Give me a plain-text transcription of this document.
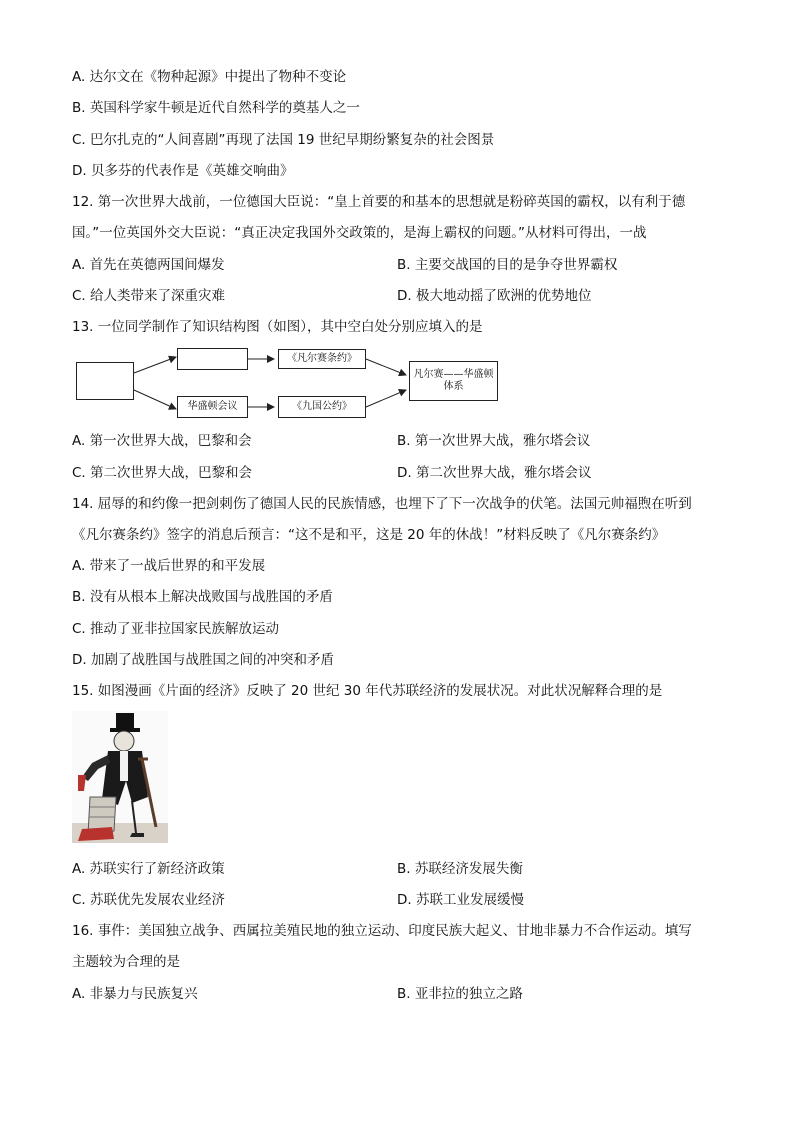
A. 达尔文在《物种起源》中提出了物种不变论
B. 英国科学家牛顿是近代自然科学的奠基人之一
C. 巴尔扎克的“人间喜剧”再现了法国 19 世纪早期纷繁复杂的社会图景
D. 贝多芬的代表作是《英雄交响曲》
12. 第一次世界大战前，一位德国大臣说：“皇上首要的和基本的思想就是粉碎英国的霸权，以有利于德
国。”一位英国外交大臣说：“真正决定我国外交政策的，是海上霸权的问题。”从材料可得出，一战
A. 首先在英德两国间爆发	B. 主要交战国的目的是争夺世界霸权
C. 给人类带来了深重灾难	D. 极大地动摇了欧洲的优势地位
13. 一位同学制作了知识结构图（如图），其中空白处分别应填入的是
《凡尔赛条约》
华盛顿会议	《九国公约》
凡尔赛——华盛顿
体系
A. 第一次世界大战，巴黎和会	B. 第一次世界大战，雅尔塔会议
C. 第二次世界大战，巴黎和会	D. 第二次世界大战，雅尔塔会议
14. 屈辱的和约像一把剑刺伤了德国人民的民族情感，也埋下了下一次战争的伏笔。法国元帅福煦在听到
《凡尔赛条约》签字的消息后预言：“这不是和平，这是 20 年的休战！”材料反映了《凡尔赛条约》
A. 带来了一战后世界的和平发展
B. 没有从根本上解决战败国与战胜国的矛盾
C. 推动了亚非拉国家民族解放运动
D. 加剧了战胜国与战胜国之间的冲突和矛盾
15. 如图漫画《片面的经济》反映了 20 世纪 30 年代苏联经济的发展状况。对此状况解释合理的是
A. 苏联实行了新经济政策	B. 苏联经济发展失衡
C. 苏联优先发展农业经济	D. 苏联工业发展缓慢
16. 事件：美国独立战争、西属拉美殖民地的独立运动、印度民族大起义、甘地非暴力不合作运动。填写
主题较为合理的是
A. 非暴力与民族复兴	B. 亚非拉的独立之路
